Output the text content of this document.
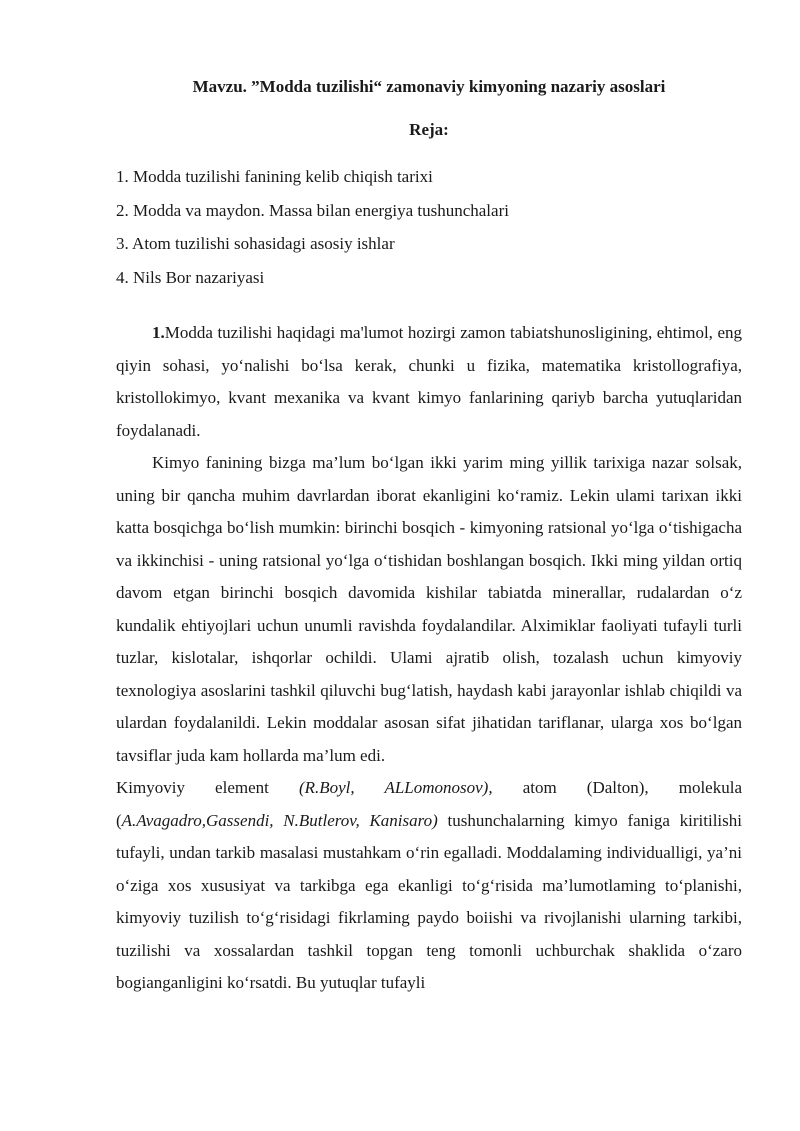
Mavzu. ”Modda tuzilishi“ zamonaviy kimyoning nazariy asoslari
Reja:
1. Modda tuzilishi fanining kelib chiqish tarixi
2. Modda va maydon. Massa bilan energiya tushunchalari
3. Atom tuzilishi sohasidagi asosiy ishlar
4. Nils Bor nazariyasi

1.Modda tuzilishi haqidagi ma'lumot hozirgi zamon tabiatshunosligining, ehtimol, eng qiyin sohasi, yo‘nalishi bo‘lsa kerak, chunki u fizika, matematika kristollografiya, kristollokimyo, kvant mexanika va kvant kimyo fanlarining qariyb barcha yutuqlaridan foydalanadi.

Kimyo fanining bizga ma’lum bo‘lgan ikki yarim ming yillik tarixiga nazar solsak, uning bir qancha muhim davrlardan iborat ekanligini ko‘ramiz. Lekin ulami tarixan ikki katta bosqichga bo‘lish mumkin: birinchi bosqich - kimyoning ratsional yo‘lga o‘tishigacha va ikkinchisi - uning ratsional yo‘lga o‘tishidan boshlangan bosqich. Ikki ming yildan ortiq davom etgan birinchi bosqich davomida kishilar tabiatda minerallar, rudalardan o‘z kundalik ehtiyojlari uchun unumli ravishda foydalandilar. Alximiklar faoliyati tufayli turli tuzlar, kislotalar, ishqorlar ochildi. Ulami ajratib olish, tozalash uchun kimyoviy texnologiya asoslarini tashkil qiluvchi bug‘latish, haydash kabi jarayonlar ishlab chiqildi va ulardan foydalanildi. Lekin moddalar asosan sifat jihatidan tariflanar, ularga xos bo‘lgan tavsiflar juda kam hollarda ma’lum edi.

Kimyoviy element (R.Boyl, ALLomonosov), atom (Dalton), molekula (A.Avagadro,Gassendi, N.Butlerov, Kanisaro) tushunchalarning kimyo faniga kiritilishi tufayli, undan tarkib masalasi mustahkam o‘rin egalladi. Moddalaming individualligi, ya’ni o‘ziga xos xususiyat va tarkibga ega ekanligi to‘g‘risida ma’lumotlaming to‘planishi, kimyoviy tuzilish to‘g‘risidagi fikrlaming paydo boiishi va rivojlanishi ularning tarkibi, tuzilishi va xossalardan tashkil topgan teng tomonli uchburchak shaklida o‘zaro bogianganligini ko‘rsatdi. Bu yutuqlar tufayli
